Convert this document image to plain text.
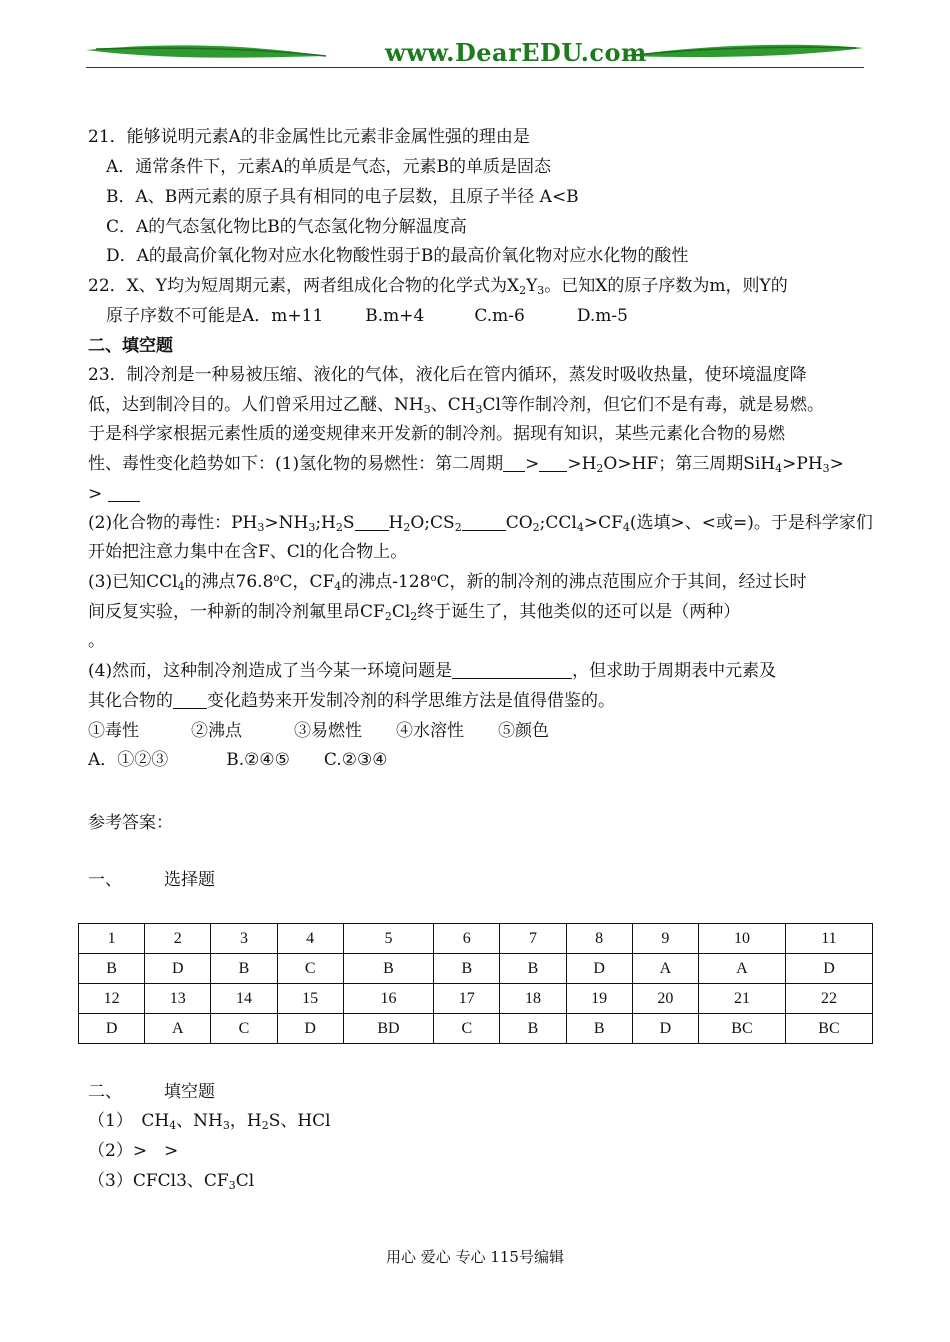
www.DearEDU.com
21．能够说明元素A的非金属性比元素非金属性强的理由是
A．通常条件下，元素A的单质是气态，元素B的单质是固态
B．A、B两元素的原子具有相同的电子层数，且原子半径 A<B
C．A的气态氢化物比B的气态氢化物分解温度高
D．A的最高价氧化物对应水化物酸性弱于B的最高价氧化物对应水化物的酸性
22．X、Y均为短周期元素，两者组成化合物的化学式为$X_2Y_3$。已知X的原子序数为m，则Y的
原子序数不可能是A．m+11 B.m+4	C.m-6	D.m-5
二、填空题
23．制冷剂是一种易被压缩、液化的气体，液化后在管内循环，蒸发时吸收热量，使环境温度降
低，达到制冷目的。人们曾采用过乙醚、$NH_3$、$CH_3Cl$等作制冷剂，但它们不是有毒，就是易燃。
于是科学家根据元素性质的递变规律来开发新的制冷剂。据现有知识，某些元素化合物的易燃
性、毒性变化趋势如下：(1)氢化物的易燃性：第二周期 > $>H_2O>HF$；第三周期$SiH_4>PH_3>$
>
(2)化合物的毒性：$PH_3>NH_3;H_2S$ $H_2O;CS_2$	$CO_2;CCl_4>CF_4$(选填>、<或=)。于是科学家们
开始把注意力集中在含F、Cl的化合物上。
(3)已知CCl$_4$的沸点76.8$^o$C，$CF_4$的沸点-128$^o$C，新的制冷剂的沸点范围应介于其间，经过长时
间反复实验，一种新的制冷剂氟里昂$CF_2Cl_2$终于诞生了，其他类似的还可以是（两种）
。
(4)然而，这种制冷剂造成了当今某一环境问题是	，但求助于周期表中元素及
其化合物的 变化趋势来开发制冷剂的科学思维方法是值得借鉴的。
①毒性	②沸点	③易燃性 ④水溶性 ⑤颜色
A．①②③	B.②④⑤ C.②③④
参考答案：
一、 选择题
1	2	3	4	5	6	7	8	9	10	11
B	D	B	C	B	B	B	D	A	A	D
12	13	14	15	16	17	18	19	20	21	22
D	A	C	D	BD	C	B	B	D	BC	BC
二、 填空题
（1）　$CH_4$、$NH_3$，$H_2S$、HCl
（2）>　>
（3）CFCl3、$CF_3Cl$
用心 爱心 专心 115号编辑
